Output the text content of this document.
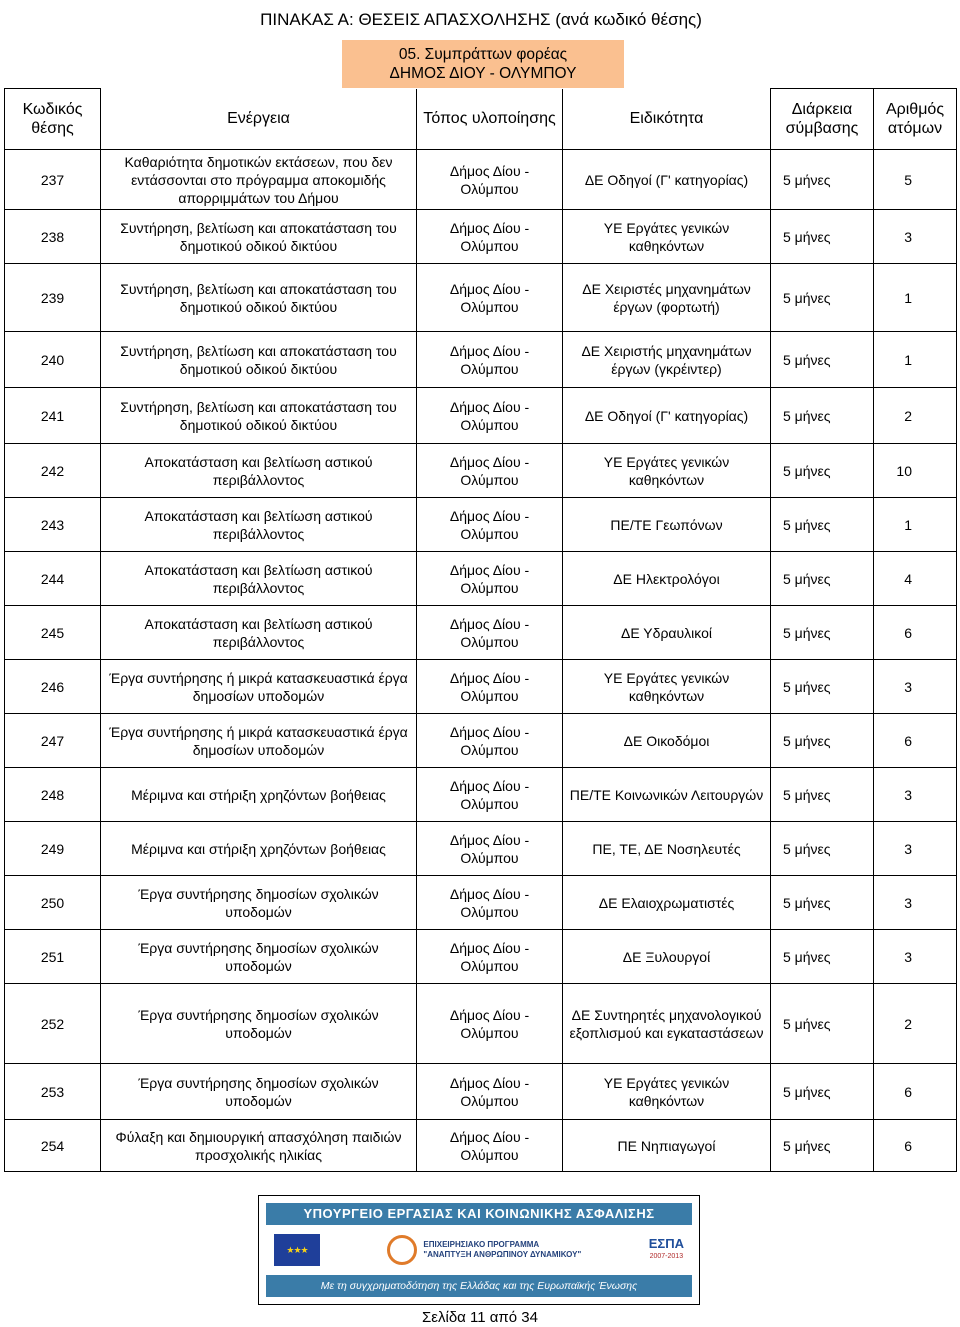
ΠΙΝΑΚΑΣ Α: ΘΕΣΕΙΣ ΑΠΑΣΧΟΛΗΣΗΣ (ανά κωδικό θέσης)
05. Συμπράττων φορέας
ΔΗΜΟΣ ΔΙΟΥ - ΟΛΥΜΠΟΥ
Κωδικός θέσης	Ενέργεια	Τόπος υλοποίησης	Ειδικότητα	Διάρκεια σύμβασης	Αριθμός ατόμων
237	Καθαριότητα δημοτικών εκτάσεων, που δεν εντάσσονται στο πρόγραμμα αποκομιδής απορριμμάτων του Δήμου	Δήμος Δίου - Ολύμπου	ΔΕ Οδηγοί (Γ' κατηγορίας)	5 μήνες	5
238	Συντήρηση, βελτίωση και αποκατάσταση του δημοτικού οδικού δικτύου	Δήμος Δίου - Ολύμπου	ΥΕ Εργάτες γενικών καθηκόντων	5 μήνες	3
239	Συντήρηση, βελτίωση και αποκατάσταση του δημοτικού οδικού δικτύου	Δήμος Δίου - Ολύμπου	ΔΕ Χειριστές μηχανημάτων έργων (φορτωτή)	5 μήνες	1
240	Συντήρηση, βελτίωση και αποκατάσταση του δημοτικού οδικού δικτύου	Δήμος Δίου - Ολύμπου	ΔΕ Χειριστής μηχανημάτων έργων (γκρέιντερ)	5 μήνες	1
241	Συντήρηση, βελτίωση και αποκατάσταση του δημοτικού οδικού δικτύου	Δήμος Δίου - Ολύμπου	ΔΕ Οδηγοί (Γ' κατηγορίας)	5 μήνες	2
242	Αποκατάσταση και βελτίωση αστικού περιβάλλοντος	Δήμος Δίου - Ολύμπου	ΥΕ Εργάτες γενικών καθηκόντων	5 μήνες	10
243	Αποκατάσταση και βελτίωση αστικού περιβάλλοντος	Δήμος Δίου - Ολύμπου	ΠΕ/ΤΕ Γεωπόνων	5 μήνες	1
244	Αποκατάσταση και βελτίωση αστικού περιβάλλοντος	Δήμος Δίου - Ολύμπου	ΔΕ Ηλεκτρολόγοι	5 μήνες	4
245	Αποκατάσταση και βελτίωση αστικού περιβάλλοντος	Δήμος Δίου - Ολύμπου	ΔΕ Υδραυλικοί	5 μήνες	6
246	Έργα συντήρησης ή μικρά κατασκευαστικά έργα δημοσίων υποδομών	Δήμος Δίου - Ολύμπου	ΥΕ Εργάτες γενικών καθηκόντων	5 μήνες	3
247	Έργα συντήρησης ή μικρά κατασκευαστικά έργα δημοσίων υποδομών	Δήμος Δίου - Ολύμπου	ΔΕ Οικοδόμοι	5 μήνες	6
248	Μέριμνα και στήριξη χρηζόντων βοήθειας	Δήμος Δίου - Ολύμπου	ΠΕ/ΤΕ Κοινωνικών Λειτουργών	5 μήνες	3
249	Μέριμνα και στήριξη χρηζόντων βοήθειας	Δήμος Δίου - Ολύμπου	ΠΕ, ΤΕ, ΔΕ Νοσηλευτές	5 μήνες	3
250	Έργα συντήρησης δημοσίων σχολικών υποδομών	Δήμος Δίου - Ολύμπου	ΔΕ Ελαιοχρωματιστές	5 μήνες	3
251	Έργα συντήρησης δημοσίων σχολικών υποδομών	Δήμος Δίου - Ολύμπου	ΔΕ Ξυλουργοί	5 μήνες	3
252	Έργα συντήρησης δημοσίων σχολικών υποδομών	Δήμος Δίου - Ολύμπου	ΔΕ Συντηρητές μηχανολογικού εξοπλισμού και εγκαταστάσεων	5 μήνες	2
253	Έργα συντήρησης δημοσίων σχολικών υποδομών	Δήμος Δίου - Ολύμπου	ΥΕ Εργάτες γενικών καθηκόντων	5 μήνες	6
254	Φύλαξη και δημιουργική απασχόληση παιδιών προσχολικής ηλικίας	Δήμος Δίου - Ολύμπου	ΠΕ Νηπιαγωγοί	5 μήνες	6
ΥΠΟΥΡΓΕΙΟ ΕΡΓΑΣΙΑΣ ΚΑΙ ΚΟΙΝΩΝΙΚΗΣ ΑΣΦΑΛΙΣΗΣ
★★★	ΕΠΙΧΕΙΡΗΣΙΑΚΟ ΠΡΟΓΡΑΜΜΑ
"ΑΝΑΠΤΥΞΗ ΑΝΘΡΩΠΙΝΟΥ ΔΥΝΑΜΙΚΟΥ"
ΕΣΠΑ
2007-2013
Με τη συγχρηματοδότηση της Ελλάδας και της Ευρωπαϊκής Ένωσης
Σελίδα 11 από 34
